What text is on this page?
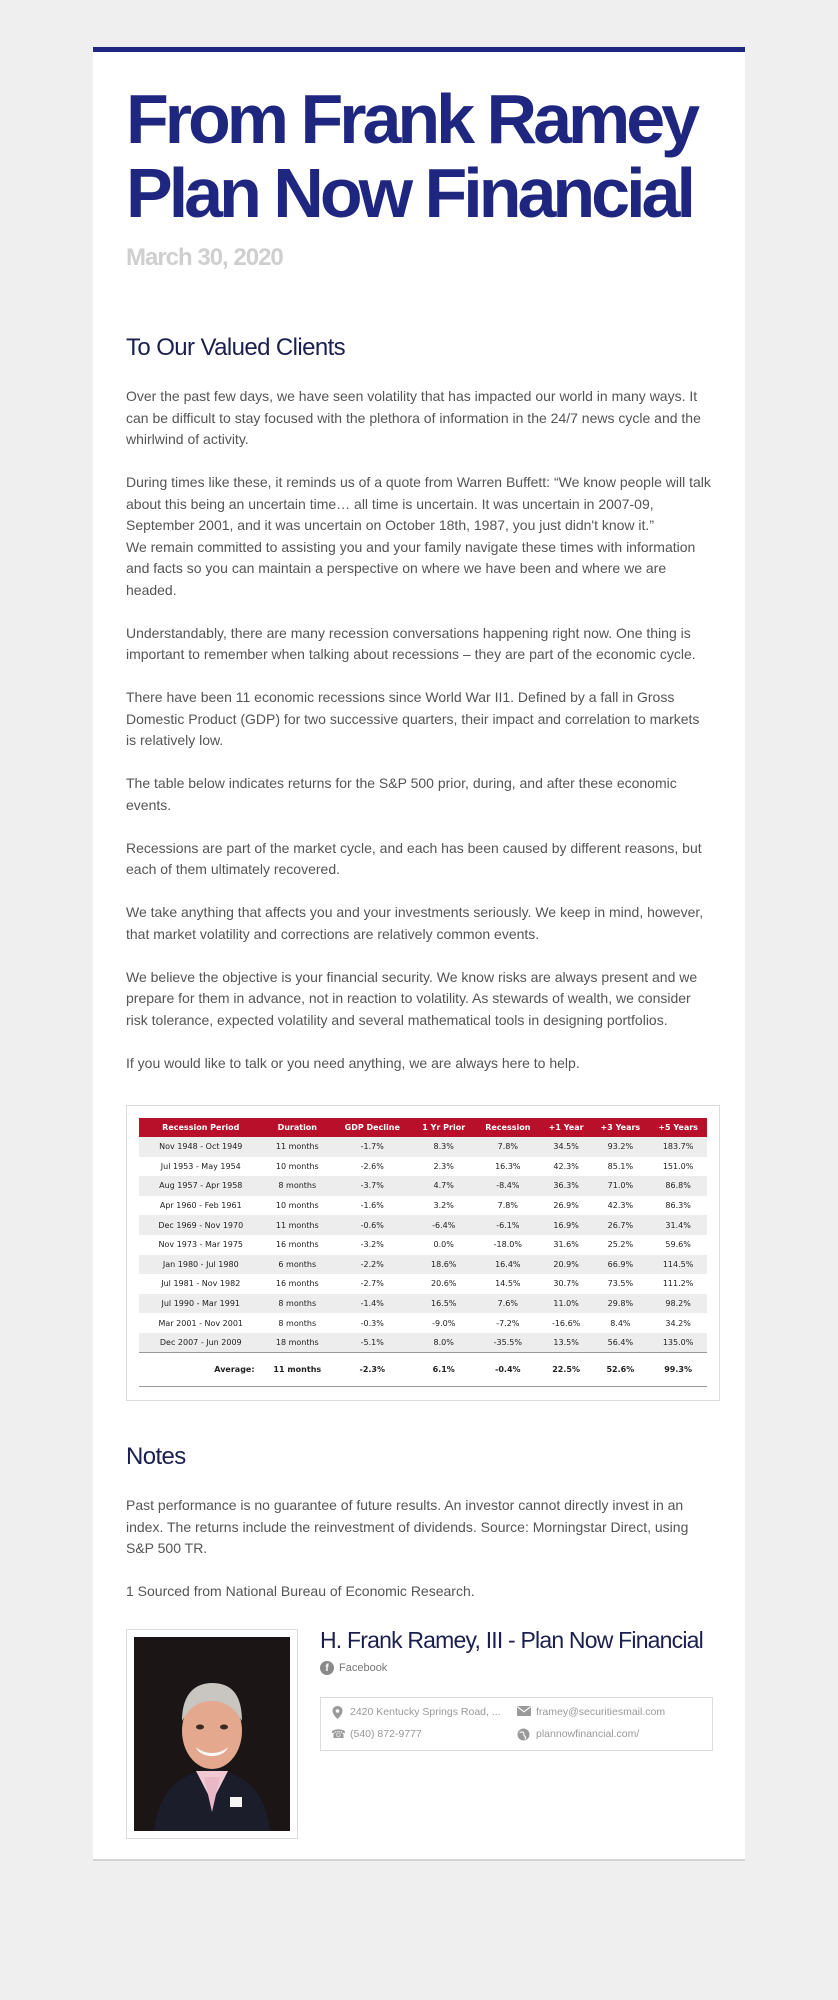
From Frank Ramey
Plan Now Financial
March 30, 2020
To Our Valued Clients

Over the past few days, we have seen volatility that has impacted our world in many ways. It can be difficult to stay focused with the plethora of information in the 24/7 news cycle and the whirlwind of activity.

During times like these, it reminds us of a quote from Warren Buffett: “We know people will talk about this being an uncertain time… all time is uncertain. It was uncertain in 2007-09, September 2001, and it was uncertain on October 18th, 1987, you just didn't know it.”

We remain committed to assisting you and your family navigate these times with information and facts so you can maintain a perspective on where we have been and where we are headed.

Understandably, there are many recession conversations happening right now. One thing is important to remember when talking about recessions – they are part of the economic cycle.

There have been 11 economic recessions since World War II1. Defined by a fall in Gross Domestic Product (GDP) for two successive quarters, their impact and correlation to markets is relatively low.

The table below indicates returns for the S&P 500 prior, during, and after these economic events.

Recessions are part of the market cycle, and each has been caused by different reasons, but each of them ultimately recovered.

We take anything that affects you and your investments seriously. We keep in mind, however, that market volatility and corrections are relatively common events.

We believe the objective is your financial security. We know risks are always present and we prepare for them in advance, not in reaction to volatility. As stewards of wealth, we consider risk tolerance, expected volatility and several mathematical tools in designing portfolios.

If you would like to talk or you need anything, we are always here to help.

Recession Period	Duration	GDP Decline	1 Yr Prior	Recession	+1 Year	+3 Years	+5 Years
Nov 1948 - Oct 1949	11 months	-1.7%	8.3%	7.8%	34.5%	93.2%	183.7%
Jul 1953 - May 1954	10 months	-2.6%	2.3%	16.3%	42.3%	85.1%	151.0%
Aug 1957 - Apr 1958	8 months	-3.7%	4.7%	-8.4%	36.3%	71.0%	86.8%
Apr 1960 - Feb 1961	10 months	-1.6%	3.2%	7.8%	26.9%	42.3%	86.3%
Dec 1969 - Nov 1970	11 months	-0.6%	-6.4%	-6.1%	16.9%	26.7%	31.4%
Nov 1973 - Mar 1975	16 months	-3.2%	0.0%	-18.0%	31.6%	25.2%	59.6%
Jan 1980 - Jul 1980	6 months	-2.2%	18.6%	16.4%	20.9%	66.9%	114.5%
Jul 1981 - Nov 1982	16 months	-2.7%	20.6%	14.5%	30.7%	73.5%	111.2%
Jul 1990 - Mar 1991	8 months	-1.4%	16.5%	7.6%	11.0%	29.8%	98.2%
Mar 2001 - Nov 2001	8 months	-0.3%	-9.0%	-7.2%	-16.6%	8.4%	34.2%
Dec 2007 - Jun 2009	18 months	-5.1%	8.0%	-35.5%	13.5%	56.4%	135.0%
Average:	11 months	-2.3%	6.1%	-0.4%	22.5%	52.6%	99.3%
Notes

Past performance is no guarantee of future results. An investor cannot directly invest in an index. The returns include the reinvestment of dividends. Source: Morningstar Direct, using S&P 500 TR.

1 Sourced from National Bureau of Economic Research.

H. Frank Ramey, III - Plan Now Financial
f Facebook
2420 Kentucky Springs Road, ...	framey@securitiesmail.com
☎ (540) 872-9777	plannowfinancial.com/
